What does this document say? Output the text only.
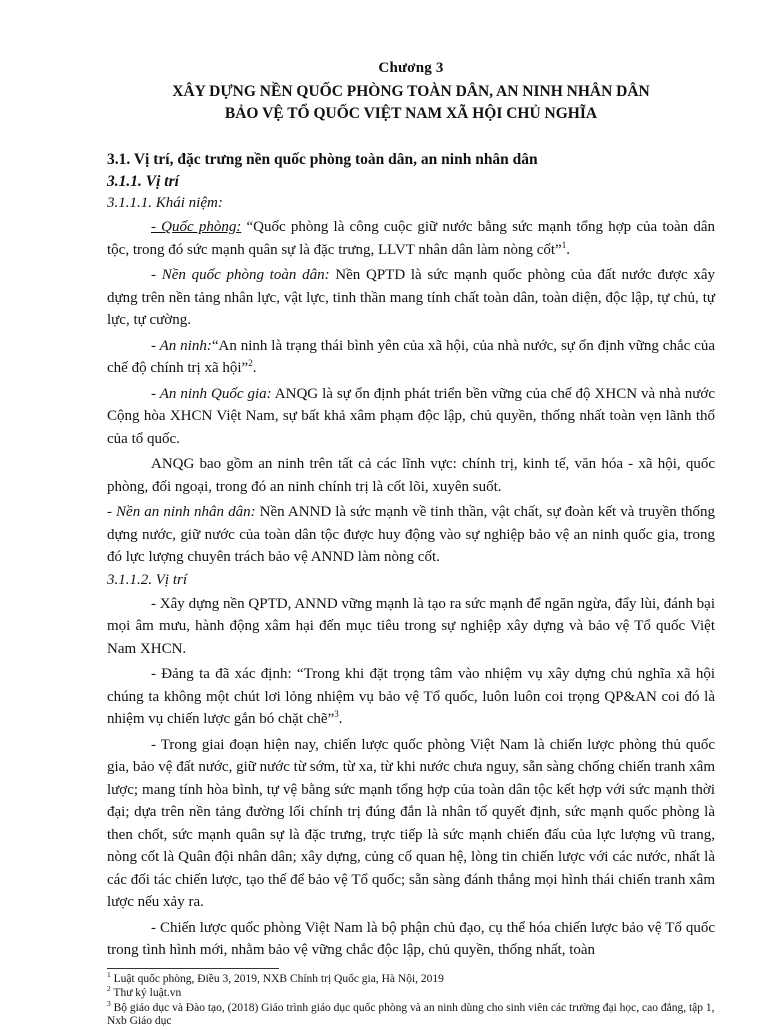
Chương 3
XÂY DỰNG NỀN QUỐC PHÒNG TOÀN DÂN, AN NINH NHÂN DÂN
BẢO VỆ TỔ QUỐC VIỆT NAM XÃ HỘI CHỦ NGHĨA
3.1. Vị trí, đặc trưng nền quốc phòng toàn dân, an ninh nhân dân
3.1.1. Vị trí
3.1.1.1. Khái niệm:

- Quốc phòng: “Quốc phòng là công cuộc giữ nước bằng sức mạnh tổng hợp của toàn dân tộc, trong đó sức mạnh quân sự là đặc trưng, LLVT nhân dân làm nòng cốt”$^1$.

- Nền quốc phòng toàn dân: Nền QPTD là sức mạnh quốc phòng của đất nước được xây dựng trên nền tảng nhân lực, vật lực, tinh thần mang tính chất toàn dân, toàn diện, độc lập, tự chủ, tự lực, tự cường.

- An ninh:“An ninh là trạng thái bình yên của xã hội, của nhà nước, sự ổn định vững chắc của chế độ chính trị xã hội”$^2$.

- An ninh Quốc gia: ANQG là sự ổn định phát triển bền vững của chế độ XHCN và nhà nước Cộng hòa XHCN Việt Nam, sự bất khả xâm phạm độc lập, chủ quyền, thống nhất toàn vẹn lãnh thổ của tổ quốc.

ANQG bao gồm an ninh trên tất cả các lĩnh vực: chính trị, kinh tế, văn hóa - xã hội, quốc phòng, đối ngoại, trong đó an ninh chính trị là cốt lõi, xuyên suốt.

- Nền an ninh nhân dân: Nền ANND là sức mạnh về tinh thần, vật chất, sự đoàn kết và truyền thống dựng nước, giữ nước của toàn dân tộc được huy động vào sự nghiệp bảo vệ an ninh quốc gia, trong đó lực lượng chuyên trách bảo vệ ANND làm nòng cốt.

3.1.1.2. Vị trí

- Xây dựng nền QPTD, ANND vững mạnh là tạo ra sức mạnh để ngăn ngừa, đẩy lùi, đánh bại mọi âm mưu, hành động xâm hại đến mục tiêu trong sự nghiệp xây dựng và bảo vệ Tổ quốc Việt Nam XHCN.

- Đảng ta đã xác định: “Trong khi đặt trọng tâm vào nhiệm vụ xây dựng chủ nghĩa xã hội chúng ta không một chút lơi lỏng nhiệm vụ bảo vệ Tổ quốc, luôn luôn coi trọng QP&AN coi đó là nhiệm vụ chiến lược gắn bó chặt chẽ”$^3$.

- Trong giai đoạn hiện nay, chiến lược quốc phòng Việt Nam là chiến lược phòng thủ quốc gia, bảo vệ đất nước, giữ nước từ sớm, từ xa, từ khi nước chưa nguy, sẵn sàng chống chiến tranh xâm lược; mang tính hòa bình, tự vệ bằng sức mạnh tổng hợp của toàn dân tộc kết hợp với sức mạnh thời đại; dựa trên nền tảng đường lối chính trị đúng đắn là nhân tố quyết định, sức mạnh quốc phòng là then chốt, sức mạnh quân sự là đặc trưng, trực tiếp là sức mạnh chiến đấu của lực lượng vũ trang, nòng cốt là Quân đội nhân dân; xây dựng, củng cố quan hệ, lòng tin chiến lược với các nước, nhất là các đối tác chiến lược, tạo thế để bảo vệ Tổ quốc; sẵn sàng đánh thắng mọi hình thái chiến tranh xâm lược nếu xảy ra.

- Chiến lược quốc phòng Việt Nam là bộ phận chủ đạo, cụ thể hóa chiến lược bảo vệ Tổ quốc trong tình hình mới, nhằm bảo vệ vững chắc độc lập, chủ quyền, thống nhất, toàn

$^1$ Luật quốc phòng, Điều 3, 2019, NXB Chính trị Quốc gia, Hà Nội, 2019
$^2$ Thư ký luật.vn
$^3$ Bộ giáo dục và Đào tạo, (2018) Giáo trình giáo dục quốc phòng và an ninh dùng cho sinh viên các trường đại học, cao đẳng, tập 1, Nxb Giáo dục
